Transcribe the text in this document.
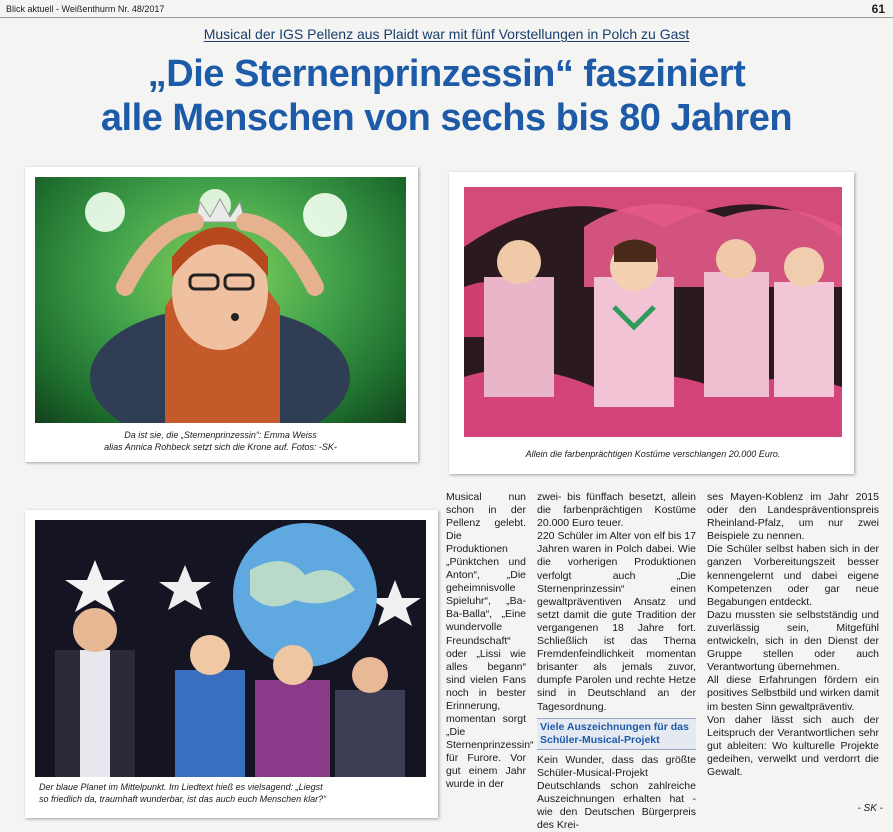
Blick aktuell - Weißenthurm Nr. 48/2017	61
Musical der IGS Pellenz aus Plaidt war mit fünf Vorstellungen in Polch zu Gast
„Die Sternenprinzessin“ fasziniert
alle Menschen von sechs bis 80 Jahren
Da ist sie, die „Sternenprinzessin“: Emma Weiss
alias Annica Rohbeck setzt sich die Krone auf. Fotos: -SK-
Allein die farbenprächtigen Kostüme verschlangen 20.000 Euro.
Der blaue Planet im Mittelpunkt. Im Liedtext hieß es vielsagend: „Liegst
so friedlich da, traumhaft wunderbar, ist das auch euch Menschen klar?“

Musical nun schon in der Pellenz gelebt. Die Produktionen „Pünktchen und Anton“, „Die geheimnisvolle Spieluhr“, „Ba-Ba-Balla“, „Eine wundervolle Freundschaft“ oder „Lissi wie alles begann“ sind vielen Fans noch in bester Erinnerung, momentan sorgt „Die Sternenprinzessin“ für Furore. Vor gut einem Jahr wurde in der

zwei- bis fünffach besetzt, allein die farbenprächtigen Kostüme 20.000 Euro teuer.

220 Schüler im Alter von elf bis 17 Jahren waren in Polch dabei. Wie die vorherigen Produktionen verfolgt auch „Die Sternenprinzessin“ einen gewaltpräventiven Ansatz und setzt damit die gute Tradition der vergangenen 18 Jahre fort. Schließlich ist das Thema Fremdenfeindlichkeit momentan brisanter als jemals zuvor, dumpfe Parolen und rechte Hetze sind in Deutschland an der Tagesordnung.

Viele Auszeichnungen für das Schüler-Musical-Projekt

Kein Wunder, dass das größte Schüler-Musical-Projekt Deutschlands schon zahlreiche Auszeichnungen erhalten hat - wie den Deutschen Bürgerpreis des Krei-

ses Mayen-Koblenz im Jahr 2015 oder den Landespräventionspreis Rheinland-Pfalz, um nur zwei Beispiele zu nennen.

Die Schüler selbst haben sich in der ganzen Vorbereitungszeit besser kennengelernt und dabei eigene Kompetenzen oder gar neue Begabungen entdeckt.

Dazu mussten sie selbstständig und zuverlässig sein, Mitgefühl entwickeln, sich in den Dienst der Gruppe stellen oder auch Verantwortung übernehmen.

All diese Erfahrungen fördern ein positives Selbstbild und wirken damit im besten Sinn gewaltpräventiv.

Von daher lässt sich auch der Leitspruch der Verantwortlichen sehr gut ableiten: Wo kulturelle Projekte gedeihen, verwelkt und verdorrt die Gewalt.

- SK -
